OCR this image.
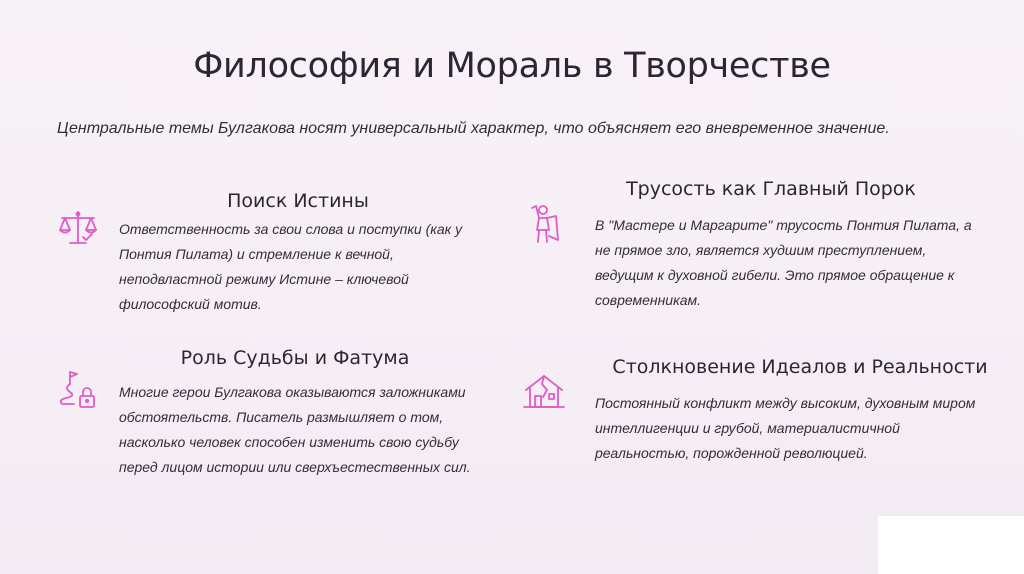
Философия и Мораль в Творчестве
Центральные темы Булгакова носят универсальный характер, что объясняет его вневременное значение.
Поиск Истины
Ответственность за свои слова и поступки (как у Понтия Пилата) и стремление к вечной, неподвластной режиму Истине – ключевой философский мотив.
Трусость как Главный Порок
В "Мастере и Маргарите" трусость Понтия Пилата, а не прямое зло, является худшим преступлением, ведущим к духовной гибели. Это прямое обращение к современникам.
Роль Судьбы и Фатума
Многие герои Булгакова оказываются заложниками обстоятельств. Писатель размышляет о том, насколько человек способен изменить свою судьбу перед лицом истории или сверхъестественных сил.
Столкновение Идеалов и Реальности
Постоянный конфликт между высоким, духовным миром интеллигенции и грубой, материалистичной реальностью, порожденной революцией.
